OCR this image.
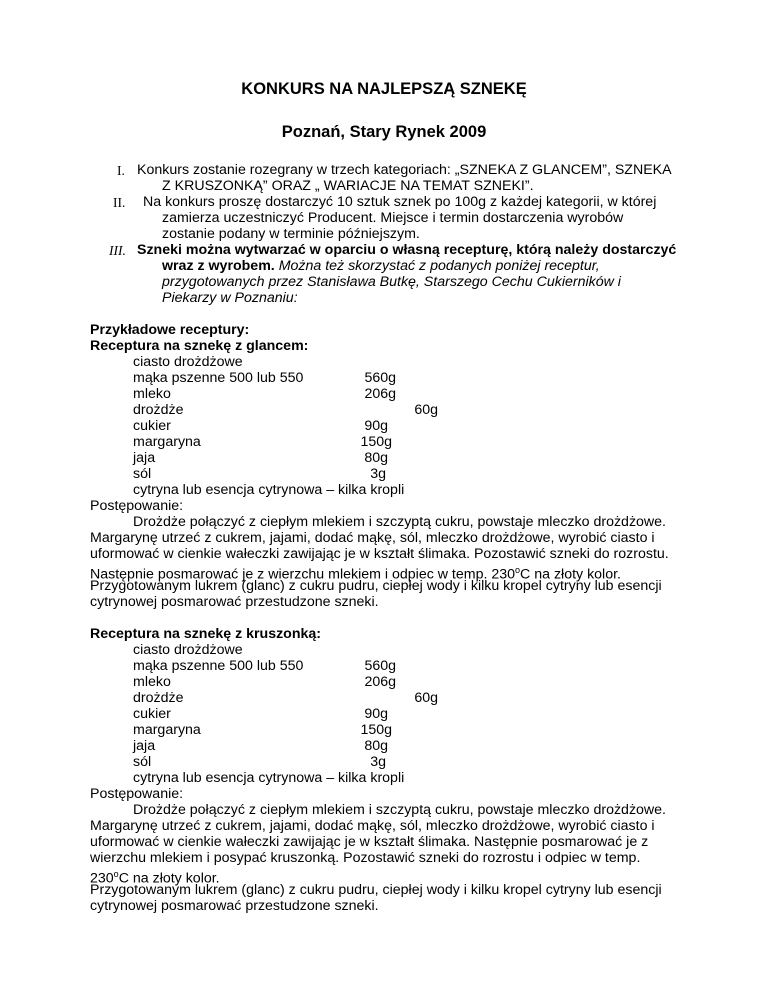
KONKURS NA NAJLEPSZĄ SZNEKĘ
Poznań, Stary Rynek 2009
I. Konkurs zostanie rozegrany w trzech kategoriach: „SZNEKA Z GLANCEM”, SZNEKA
Z KRUSZONKĄ” ORAZ „ WARIACJE NA TEMAT SZNEKI”.
II. Na konkurs proszę dostarczyć 10 sztuk sznek po 100g z każdej kategorii, w której
zamierza uczestniczyć Producent. Miejsce i termin dostarczenia wyrobów
zostanie podany w terminie późniejszym.
III. Szneki można wytwarzać w oparciu o własną recepturę, którą należy dostarczyć
wraz z wyrobem. Można też skorzystać z podanych poniżej receptur,
przygotowanych przez Stanisława Butkę, Starszego Cechu Cukierników i
Piekarzy w Poznaniu:
Przykładowe receptury:
Receptura na sznekę z glancem:
ciasto drożdżowe
mąka pszenne 500 lub 550	560g
mleko	206g
drożdże	60g
cukier	90g
margaryna	150g
jaja	80g
sól	3g
cytryna lub esencja cytrynowa – kilka kropli
Postępowanie:
Drożdże połączyć z ciepłym mlekiem i szczyptą cukru, powstaje mleczko drożdżowe.
Margarynę utrzeć z cukrem, jajami, dodać mąkę, sól, mleczko drożdżowe, wyrobić ciasto i
uformować w cienkie wałeczki zawijając je w kształt ślimaka. Pozostawić szneki do rozrostu.
Następnie posmarować je z wierzchu mlekiem i odpiec w temp. 230$^o$C na złoty kolor.
Przygotowanym lukrem (glanc) z cukru pudru, ciepłej wody i kilku kropel cytryny lub esencji
cytrynowej posmarować przestudzone szneki.
Receptura na sznekę z kruszonką:
ciasto drożdżowe
mąka pszenne 500 lub 550	560g
mleko	206g
drożdże	60g
cukier	90g
margaryna	150g
jaja	80g
sól	3g
cytryna lub esencja cytrynowa – kilka kropli
Postępowanie:
Drożdże połączyć z ciepłym mlekiem i szczyptą cukru, powstaje mleczko drożdżowe.
Margarynę utrzeć z cukrem, jajami, dodać mąkę, sól, mleczko drożdżowe, wyrobić ciasto i
uformować w cienkie wałeczki zawijając je w kształt ślimaka. Następnie posmarować je z
wierzchu mlekiem i posypać kruszonką. Pozostawić szneki do rozrostu i odpiec w temp.
230$^o$C na złoty kolor.
Przygotowanym lukrem (glanc) z cukru pudru, ciepłej wody i kilku kropel cytryny lub esencji
cytrynowej posmarować przestudzone szneki.
